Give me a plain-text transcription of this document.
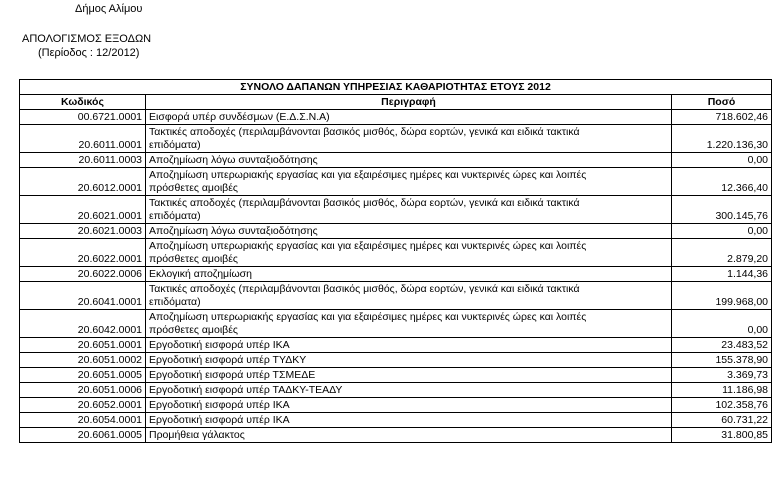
Δήμος Αλίμου
ΑΠΟΛΟΓΙΣΜΟΣ ΕΞΟΔΩΝ
(Περίοδος : 12/2012)
ΣΥΝΟΛΟ ΔΑΠΑΝΩΝ ΥΠΗΡΕΣΙΑΣ ΚΑΘΑΡΙΟΤΗΤΑΣ ΕΤΟΥΣ 2012		
Κωδικός	Περιγραφή	Ποσό
00.6721.0001	Εισφορά υπέρ συνδέσμων (Ε.Δ.Σ.Ν.Α)	718.602,46
20.6011.0001	Τακτικές αποδοχές (περιλαμβάνονται βασικός μισθός, δώρα εορτών, γενικά και ειδικά τακτικά
επιδόματα)	1.220.136,30
20.6011.0003	Αποζημίωση λόγω συνταξιοδότησης	0,00
20.6012.0001	Αποζημίωση υπερωριακής εργασίας και για εξαιρέσιμες ημέρες και νυκτερινές ώρες και λοιπές
πρόσθετες αμοιβές	12.366,40
20.6021.0001	Τακτικές αποδοχές (περιλαμβάνονται βασικός μισθός, δώρα εορτών, γενικά και ειδικά τακτικά
επιδόματα)	300.145,76
20.6021.0003	Αποζημίωση λόγω συνταξιοδότησης	0,00
20.6022.0001	Αποζημίωση υπερωριακής εργασίας και για εξαιρέσιμες ημέρες και νυκτερινές ώρες και λοιπές
πρόσθετες αμοιβές	2.879,20
20.6022.0006	Εκλογική αποζημίωση	1.144,36
20.6041.0001	Τακτικές αποδοχές (περιλαμβάνονται βασικός μισθός, δώρα εορτών, γενικά και ειδικά τακτικά
επιδόματα)	199.968,00
20.6042.0001	Αποζημίωση υπερωριακής εργασίας και για εξαιρέσιμες ημέρες και νυκτερινές ώρες και λοιπές
πρόσθετες αμοιβές	0,00
20.6051.0001	Εργοδοτική εισφορά υπέρ ΙΚΑ	23.483,52
20.6051.0002	Εργοδοτική εισφορά υπέρ ΤΥΔΚΥ	155.378,90
20.6051.0005	Εργοδοτική εισφορά υπέρ ΤΣΜΕΔΕ	3.369,73
20.6051.0006	Εργοδοτική εισφορά υπέρ ΤΑΔΚΥ-ΤΕΑΔΥ	11.186,98
20.6052.0001	Εργοδοτική εισφορά υπέρ ΙΚΑ	102.358,76
20.6054.0001	Εργοδοτική εισφορά υπέρ ΙΚΑ	60.731,22
20.6061.0005	Προμήθεια γάλακτος	31.800,85
